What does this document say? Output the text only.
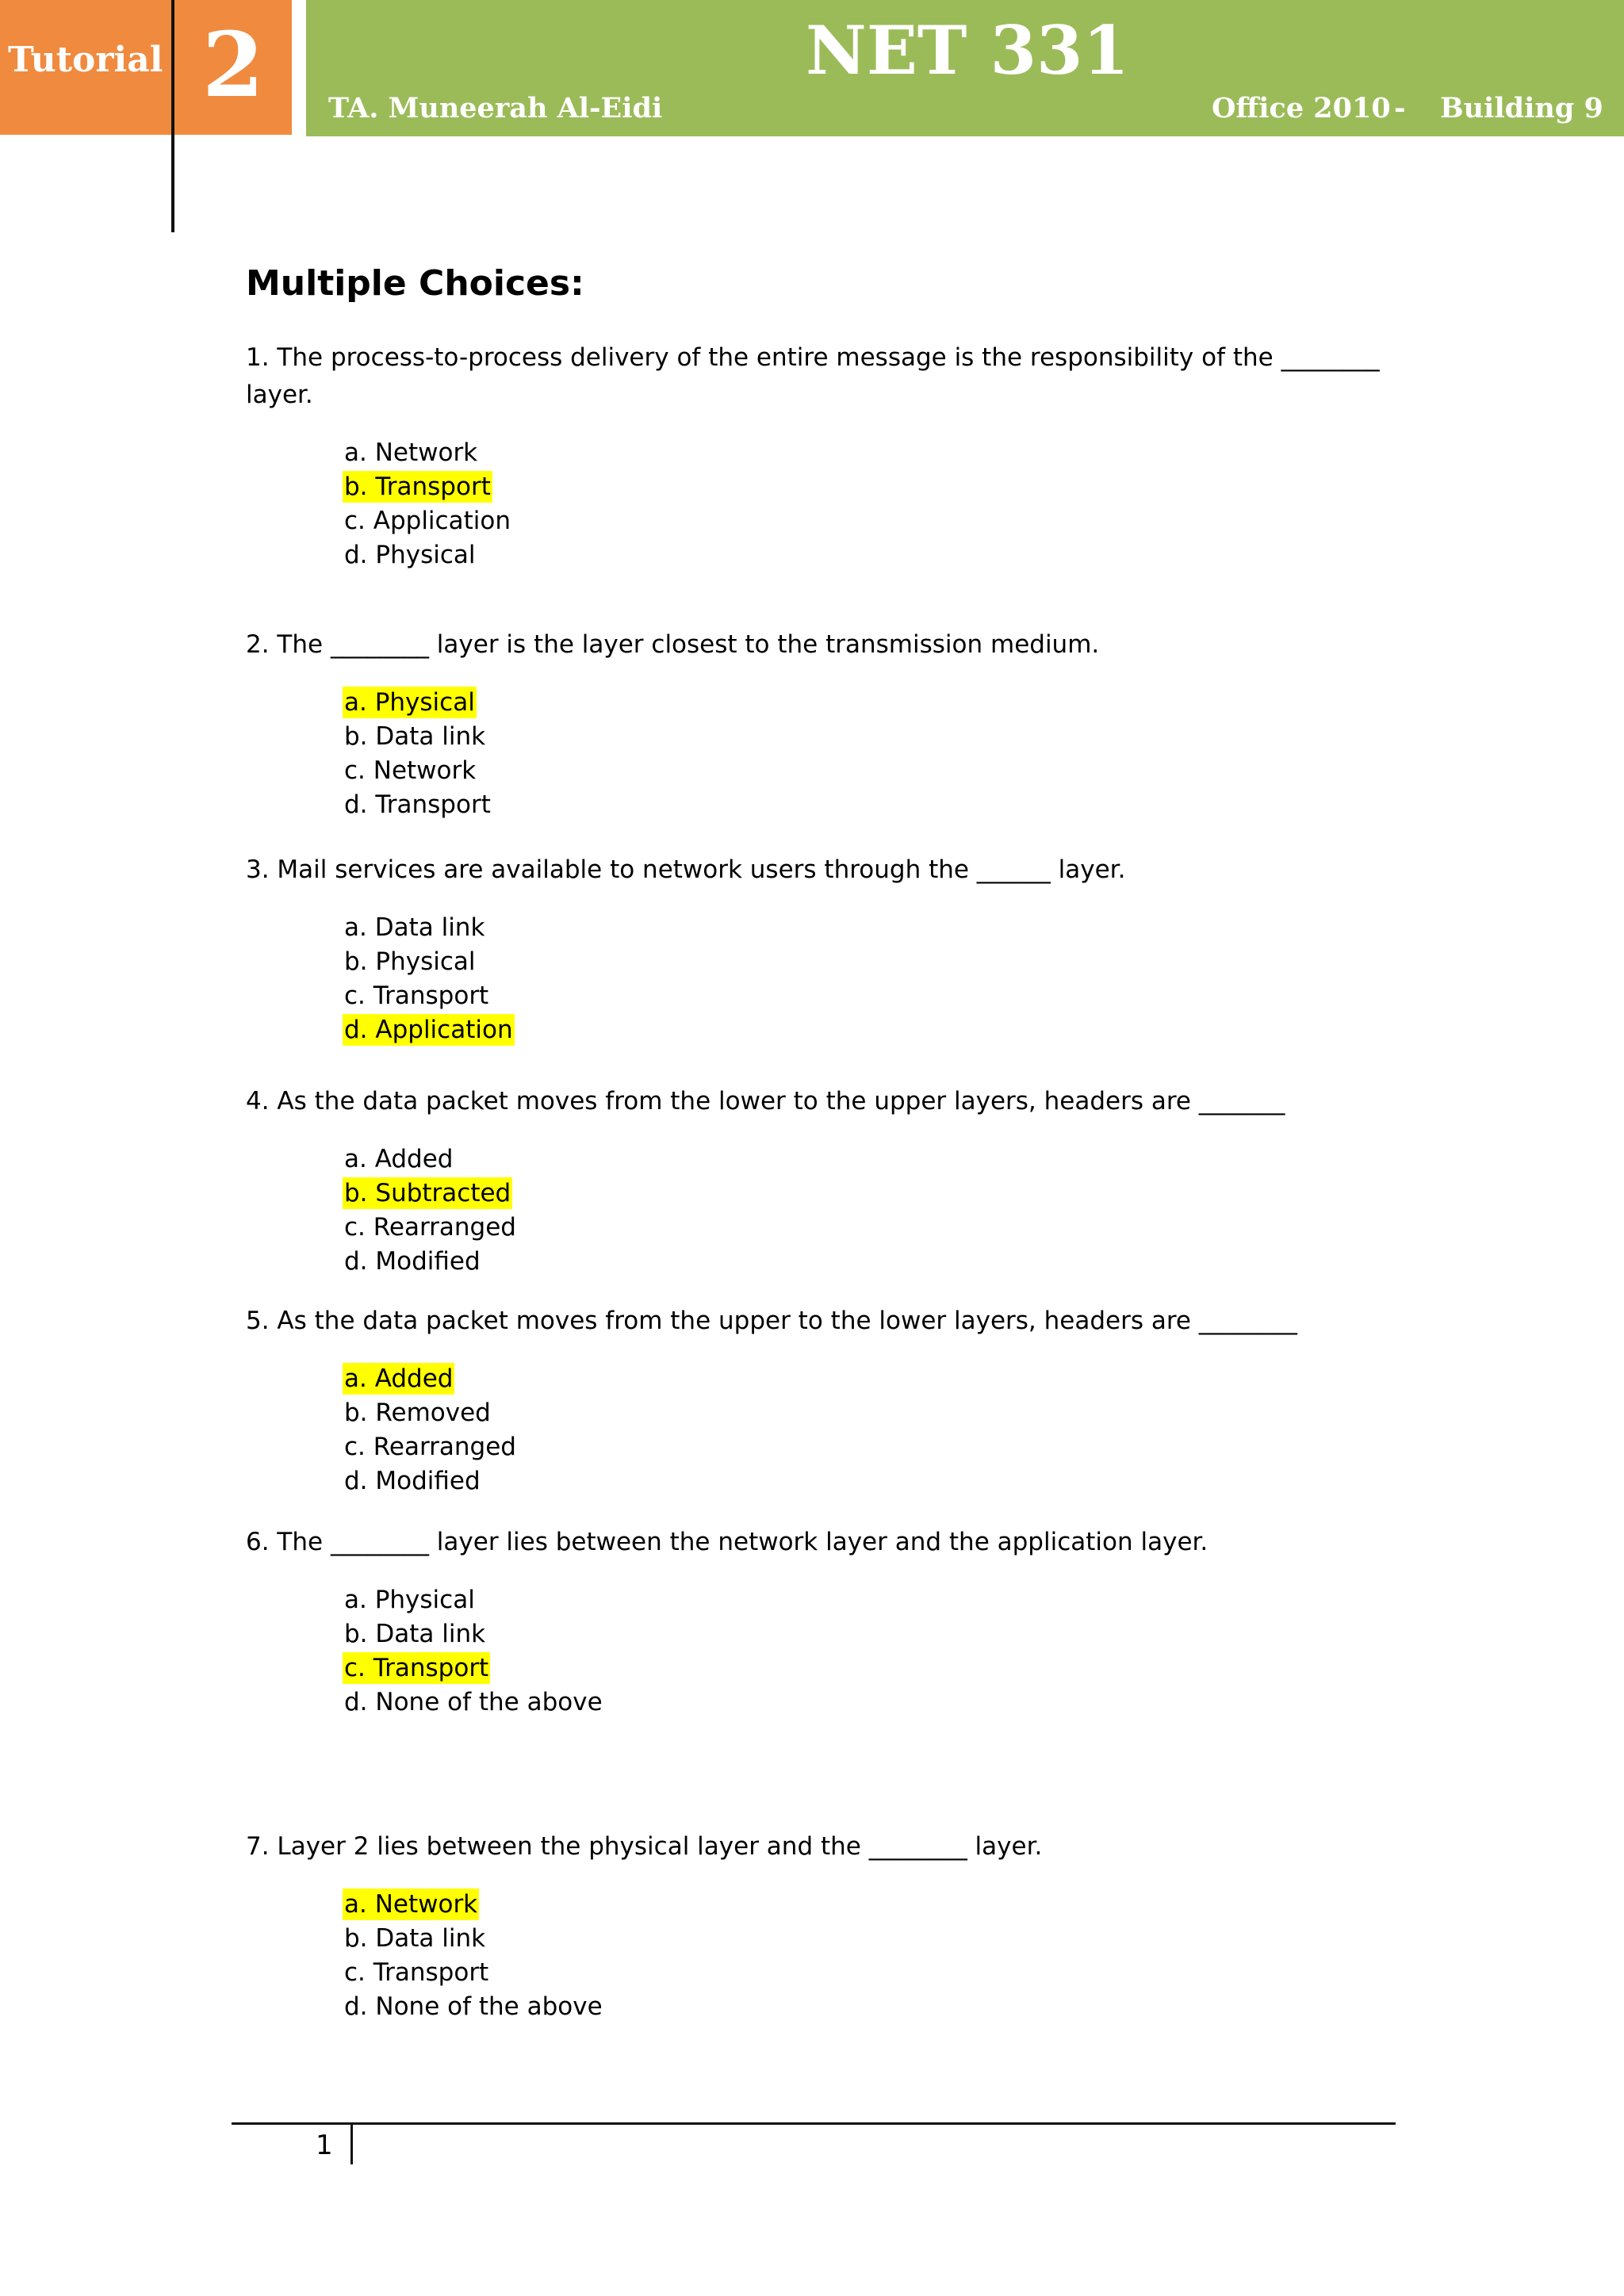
Tutorial 2	NET 331
TA. Muneerah Al-Eidi	Office 2010 - Building 9
Multiple Choices:

1. The process-to-process delivery of the entire message is the responsibility of the ________ layer.

a. Network
b. Transport
c. Application
d. Physical

2. The ________ layer is the layer closest to the transmission medium.

a. Physical
b. Data link
c. Network
d. Transport

3. Mail services are available to network users through the ______ layer.

a. Data link
b. Physical
c. Transport
d. Application

4. As the data packet moves from the lower to the upper layers, headers are _______

a. Added
b. Subtracted
c. Rearranged
d. Modified

5. As the data packet moves from the upper to the lower layers, headers are ________

a. Added
b. Removed
c. Rearranged
d. Modified

6. The ________ layer lies between the network layer and the application layer.

a. Physical
b. Data link
c. Transport
d. None of the above

7. Layer 2 lies between the physical layer and the ________ layer.

a. Network
b. Data link
c. Transport
d. None of the above
1
